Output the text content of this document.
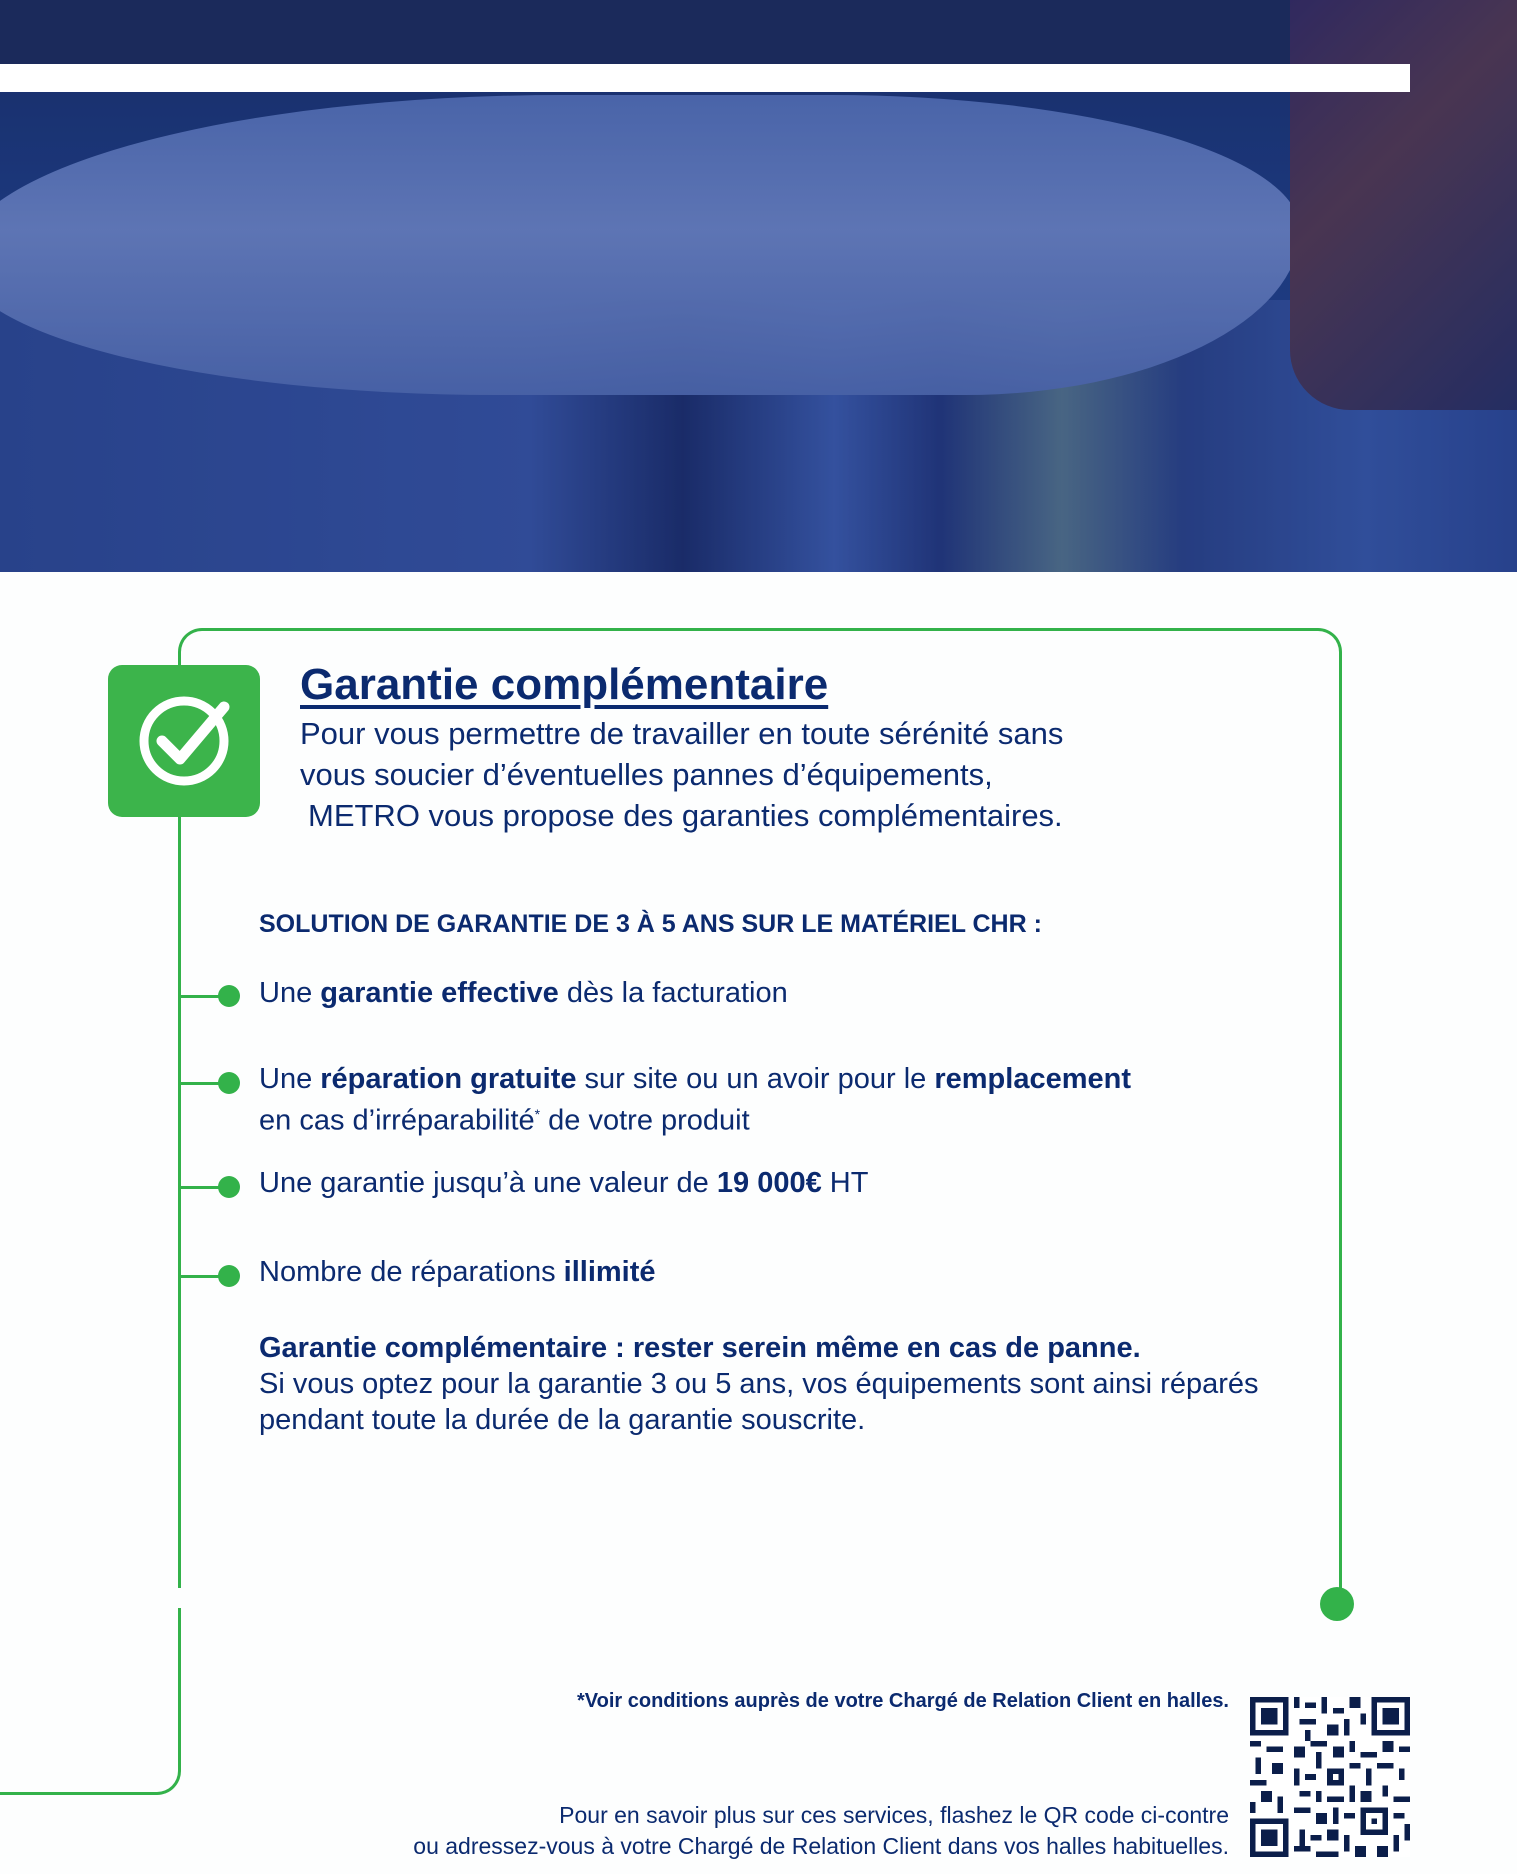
Garantie complémentaire
Pour vous permettre de travailler en toute sérénité sans
vous soucier d’éventuelles pannes d’équipements,
METRO vous propose des garanties complémentaires.
SOLUTION DE GARANTIE DE 3 À 5 ANS SUR LE MATÉRIEL CHR :
Une garantie effective dès la facturation
Une réparation gratuite sur site ou un avoir pour le remplacement
en cas d’irréparabilité* de votre produit
Une garantie jusqu’à une valeur de 19 000€ HT
Nombre de réparations illimité
Garantie complémentaire : rester serein même en cas de panne.
Si vous optez pour la garantie 3 ou 5 ans, vos équipements sont ainsi réparés
pendant toute la durée de la garantie souscrite.
*Voir conditions auprès de votre Chargé de Relation Client en halles.
Pour en savoir plus sur ces services, flashez le QR code ci-contre
ou adressez-vous à votre Chargé de Relation Client dans vos halles habituelles.
